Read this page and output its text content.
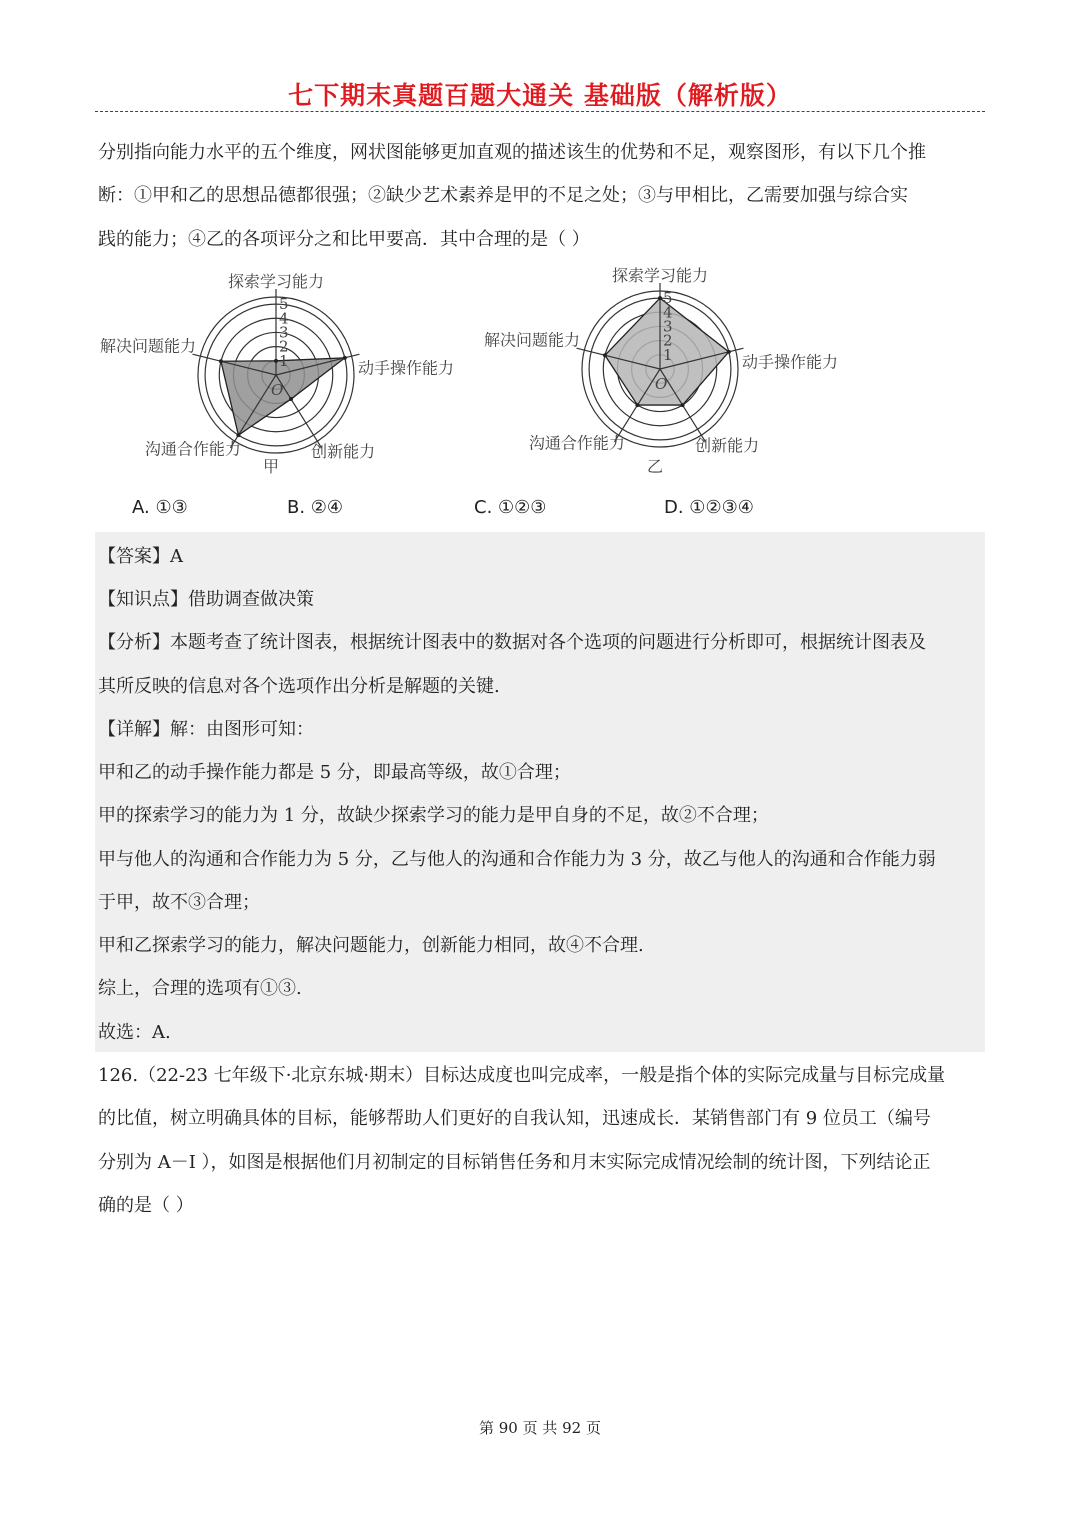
七下期末真题百题大通关 基础版（解析版）
分别指向能力水平的五个维度，网状图能够更加直观的描述该生的优势和不足，观察图形，有以下几个推
断：①甲和乙的思想品德都很强；②缺少艺术素养是甲的不足之处；③与甲相比，乙需要加强与综合实
践的能力；④乙的各项评分之和比甲要高．其中合理的是（ ）
1
2
3
4
5
O
探索学习能力
动手操作能力
创新能力
沟通合作能力
解决问题能力
甲
1
2
3
4
5
O
探索学习能力
动手操作能力
创新能力
沟通合作能力
解决问题能力
乙
A. ①③	B. ②④	C. ①②③	D. ①②③④
【答案】A
【知识点】借助调查做决策
【分析】本题考查了统计图表，根据统计图表中的数据对各个选项的问题进行分析即可，根据统计图表及
其所反映的信息对各个选项作出分析是解题的关键.
【详解】解：由图形可知：
甲和乙的动手操作能力都是 5 分，即最高等级，故①合理；
甲的探索学习的能力为 1 分，故缺少探索学习的能力是甲自身的不足，故②不合理；
甲与他人的沟通和合作能力为 5 分，乙与他人的沟通和合作能力为 3 分，故乙与他人的沟通和合作能力弱
于甲，故不③合理；
甲和乙探索学习的能力，解决问题能力，创新能力相同，故④不合理.
综上，合理的选项有①③.
故选：A.
126.（22-23 七年级下·北京东城·期末）目标达成度也叫完成率，一般是指个体的实际完成量与目标完成量
的比值，树立明确具体的目标，能够帮助人们更好的自我认知，迅速成长．某销售部门有 9 位员工（编号
分别为 A－I ），如图是根据他们月初制定的目标销售任务和月末实际完成情况绘制的统计图，下列结论正
确的是（ ）
第 90 页 共 92 页
